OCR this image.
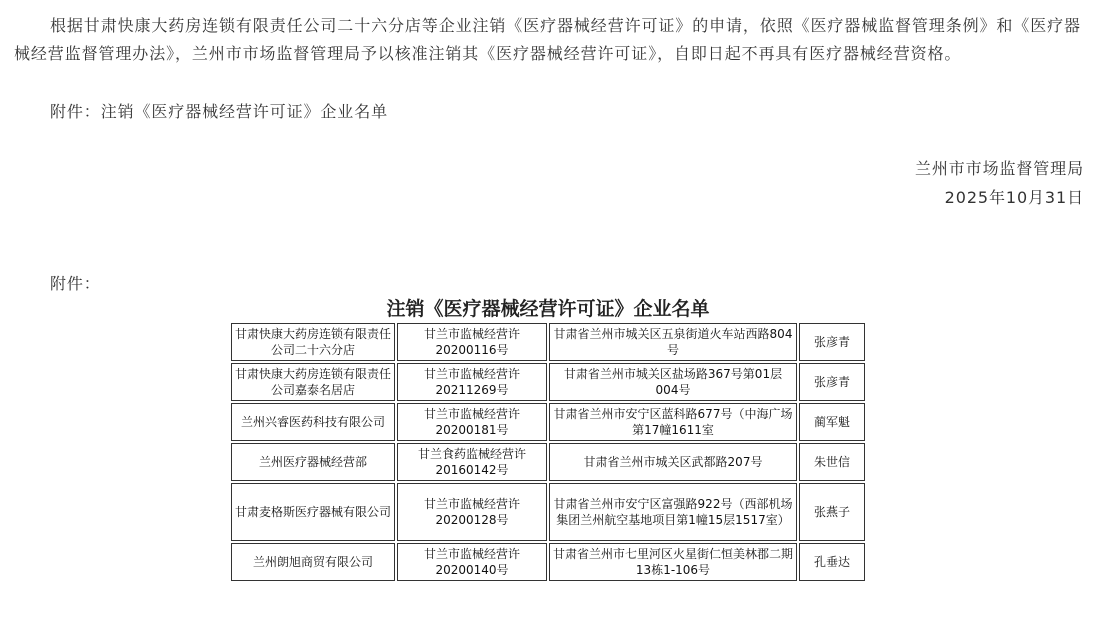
根据甘肃快康大药房连锁有限责任公司二十六分店等企业注销《医疗器械经营许可证》的申请，依照《医疗器械监督管理条例》和《医疗器械经营监督管理办法》，兰州市市场监督管理局予以核准注销其《医疗器械经营许可证》，自即日起不再具有医疗器械经营资格。

附件：注销《医疗器械经营许可证》企业名单

兰州市市场监督管理局
2025年10月31日
附件：
注销《医疗器械经营许可证》企业名单
甘肃快康大药房连锁有限责任公司二十六分店	甘兰市监械经营许20200116号	甘肃省兰州市城关区五泉街道火车站西路804号	张彦青
甘肃快康大药房连锁有限责任公司嘉泰名居店	甘兰市监械经营许20211269号	甘肃省兰州市城关区盐场路367号第01层004号	张彦青
兰州兴睿医药科技有限公司	甘兰市监械经营许20200181号	甘肃省兰州市安宁区蓝科路677号（中海广场第17幢1611室	蔺军魁
兰州医疗器械经营部	甘兰食药监械经营许20160142号	甘肃省兰州市城关区武都路207号	朱世信
甘肃麦格斯医疗器械有限公司	甘兰市监械经营许20200128号	甘肃省兰州市安宁区富强路922号（西部机场集团兰州航空基地项目第1幢15层1517室）	张燕子
兰州朗旭商贸有限公司	甘兰市监械经营许20200140号	甘肃省兰州市七里河区火星街仁恒美林郡二期13栋1-106号	孔垂达
